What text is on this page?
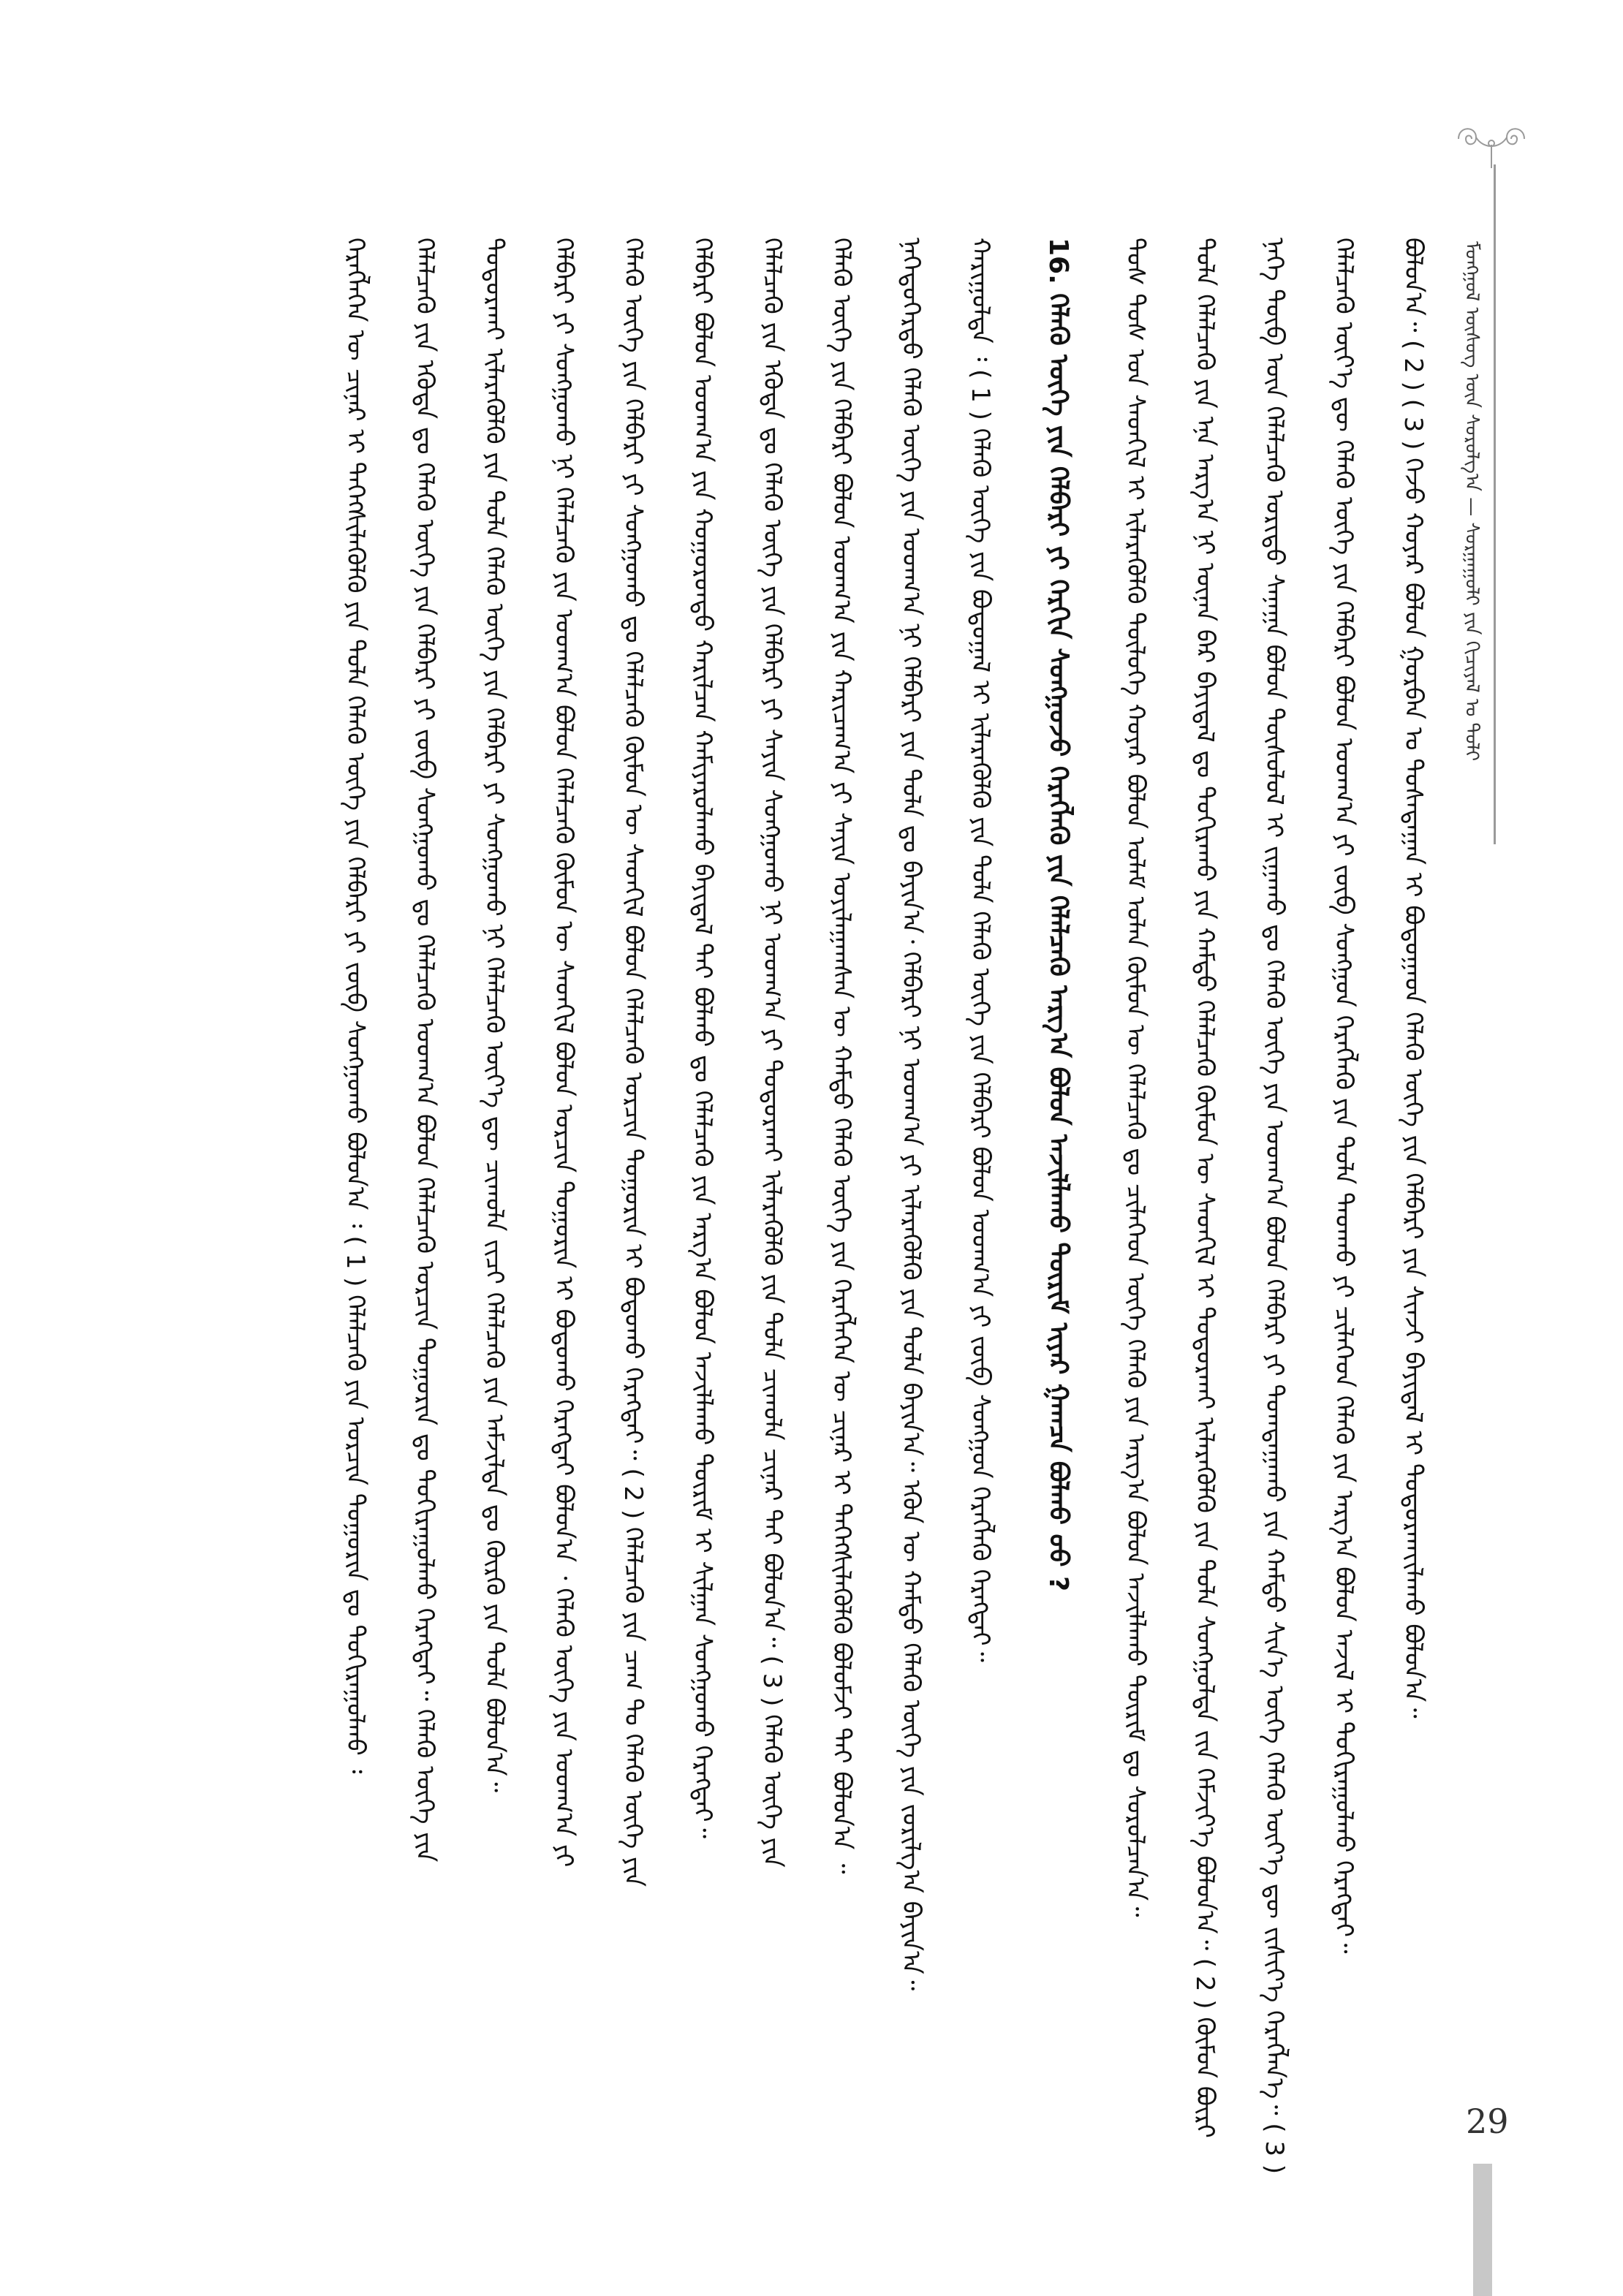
ᠮᠣᠩᠭᠣᠯ ᠦᠰᠦᠭ ᠦᠨ ᠰᠤᠷᠤᠯᠭ᠎ᠠ — ᠰᠤᠷᠭᠠᠭᠤᠯᠢ ᠶᠢᠨ ᠬᠢᠴᠢᠶᠡᠯ ᠤ ᠲᠣᠯᠢ
ᠪᠣᠯᠤᠨ᠎ᠠ᠃ ( 2 ) ( 3 ) ᠭᠡᠵᠦ ᠬᠣᠶᠠᠷ ᠪᠣᠯᠣᠨ ᠭᠤᠷᠪᠠᠨ ᠤ ᠲᠤᠰᠠᠳᠠᠭᠠᠨ ᠢ ᠪᠣᠳᠤᠭᠠᠳ ᠬᠡᠯᠡᠬᠦ ᠦᠭᠡ ᠶᠢᠨ ᠬᠡᠯᠪᠡᠷᠢ ᠶᠢᠨ ᠰᠢᠨᠵᠢ ᠪᠠᠶᠢᠳᠠᠯ ᠢ ᠲᠣᠳᠣᠷᠬᠠᠶ᠋ᠢᠯᠠᠬᠤ ᠪᠣᠯᠤᠨ᠎ᠠ᠃
ᠬᠡᠯᠡᠯᠴᠡᠬᠦ ᠦᠶ᠎ᠡ ᠳᠦ ᠬᠡᠯᠡᠬᠦ ᠦᠭᠡ ᠶᠢᠨ ᠬᠡᠯᠪᠡᠷᠢ ᠪᠣᠯᠣᠨ ᠤᠳᠬ᠎ᠠ ᠶᠢ ᠵᠥᠪ ᠰᠣᠩᠭᠣᠨ ᠬᠡᠷᠡᠭᠯᠡᠬᠦ ᠶᠢᠨ ᠲᠤᠯᠠ ᠳᠠᠳᠬᠤ ᠶᠢ ᠴᠢᠯᠡᠭᠡᠳ ᠬᠡᠯᠡᠬᠦ ᠶᠢᠨ ᠠᠷᠭ᠎ᠠ ᠪᠣᠯᠤᠨ ᠠᠵᠢᠯ ᠢ ᠲᠣᠬᠢᠷᠠᠭᠤᠯᠬᠤ ᠬᠡᠷᠡᠭᠲᠡᠢ᠃
ᠨᠡᠭᠡ ᠲᠦᠪ ᠦᠨ ᠬᠡᠯᠡᠯᠴᠡᠬᠦ ᠤᠷᠢᠳᠤ ᠰᠠᠨᠠᠭᠠ ᠪᠣᠯᠣᠨ ᠲᠥᠰᠦᠯᠦᠯ ᠢ ᠵᠢᠭᠠᠬᠤ ᠳᠤ ᠬᠡᠯᠡᠬᠦ ᠦᠭᠡ ᠶᠢᠨ ᠤᠳᠬ᠎ᠠ ᠪᠣᠯᠤᠨ ᠬᠡᠯᠪᠡᠷᠢ ᠶᠢ ᠲᠣᠭᠲᠠᠭᠠᠬᠤ ᠶᠢᠨ ᠬᠠᠮᠲᠤ ᠰᠢᠨ᠎ᠡ ᠦᠭᠡ ᠬᠡᠯᠡᠬᠦ ᠦᠶ᠎ᠡ ᠳᠦ ᠵᠢᠱᠢᠶ᠎ᠡ ᠬᠡᠷᠡᠭᠯᠡᠨ᠎ᠡ᠃ ( 3 )
ᠲᠤᠯᠠ ᠬᠡᠯᠡᠯᠴᠡᠬᠦ ᠶᠢᠨ ᠡᠨᠡ ᠠᠷᠭ᠎ᠠ ᠨᠢ ᠦᠨᠡᠨ ᠪᠡᠷ ᠪᠠᠶᠢᠳᠠᠯ ᠳᠤ ᠲᠣᠬᠢᠷᠠᠬᠤ ᠶᠢᠨ ᠬᠠᠮᠲᠤ ᠬᠡᠯᠡᠯᠴᠡᠬᠦ ᠬᠦᠮᠦᠨ ᠦ ᠰᠡᠳᠬᠢᠯ ᠢ ᠲᠣᠳᠣᠷᠬᠠᠢ ᠢᠯᠡᠷᠡᠭᠦᠯᠬᠦ ᠶᠢᠨ ᠲᠤᠯᠠ ᠰᠣᠩᠭᠣᠯᠲᠠ ᠵᠢᠨ ᠬᠡᠮᠵᠢᠶ᠎ᠡ ᠪᠣᠯᠤᠨ᠎ᠠ᠃ ( 2 ) ᠬᠦᠮᠦᠨ ᠪᠦᠷᠢ
ᠲᠤᠰ ᠲᠤᠰ ᠤᠨ ᠰᠡᠳᠬᠢᠯ ᠢ ᠢᠯᠡᠷᠡᠭᠦᠯᠬᠦ ᠲᠥᠯᠦᠭᠡ ᠬᠣᠶᠠᠷ ᠪᠣᠯᠣᠨ ᠤᠯᠠᠮ ᠣᠯᠠᠨ ᠬᠦᠮᠦᠨ ᠦ ᠬᠡᠯᠡᠯᠴᠡᠬᠦ ᠳᠤ ᠴᠢᠯᠡᠭᠡᠳ ᠦᠭᠡ ᠬᠡᠯᠡᠬᠦ ᠶᠢᠨ ᠠᠷᠭ᠎ᠠ ᠪᠣᠯᠤᠨ ᠠᠵᠢᠯᠯᠠᠬᠤ ᠳᠦᠷᠢᠮ ᠳᠤ ᠰᠤᠷᠤᠯᠴᠠᠨ᠎ᠠ᠃
16. ᠬᠡᠯᠡᠬᠦ ᠦᠭᠡ ᠶᠢᠨ ᠬᠡᠯᠪᠡᠷᠢ ᠶᠢ ᠬᠡᠷᠬᠢᠨ ᠰᠣᠩᠭᠣᠵᠤ ᠬᠡᠷᠡᠭᠯᠡᠬᠦ ᠶᠢᠨ ᠬᠡᠯᠡᠯᠴᠡᠬᠦ ᠠᠷᠭ᠎ᠠ ᠪᠣᠯᠣᠨ ᠠᠵᠢᠯᠯᠠᠬᠤ ᠳᠦᠷᠢᠮ ᠢᠶᠠᠷ ᠭᠠᠭᠴᠠ ᠪᠣᠯᠬᠤ ᠤᠤ ?
ᠬᠠᠷᠢᠭᠤᠯᠲᠠ ᠄ ( 1 ) ᠬᠡᠯᠡᠬᠦ ᠦᠭᠡ ᠶᠢᠨ ᠪᠣᠳᠤᠭᠠᠯ ᠢ ᠢᠯᠡᠷᠡᠭᠦᠯᠬᠦ ᠶᠢᠨ ᠲᠤᠯᠠ ᠬᠡᠯᠡᠬᠦ ᠦᠭᠡ ᠶᠢᠨ ᠬᠡᠯᠪᠡᠷᠢ ᠪᠣᠯᠣᠨ ᠤᠳᠬ᠎ᠠ ᠶᠢ ᠵᠥᠪ ᠰᠣᠩᠭᠣᠨ ᠬᠡᠷᠡᠭᠯᠡᠬᠦ ᠬᠡᠷᠡᠭᠲᠡᠢ᠃
ᠨᠡᠭᠡᠳᠦᠭᠡᠷᠲᠦ ᠬᠡᠯᠡᠬᠦ ᠦᠭᠡ ᠶᠢᠨ ᠤᠳᠬ᠎ᠠ ᠨᠢ ᠬᠡᠯᠪᠡᠷᠢ ᠶᠢᠨ ᠲᠤᠯᠠ ᠳᠤ ᠪᠠᠶᠢᠨ᠎ᠠ᠂ ᠬᠡᠯᠪᠡᠷᠢ ᠨᠢ ᠤᠳᠬ᠎ᠠ ᠶᠢ ᠢᠯᠡᠷᠡᠭᠦᠯᠬᠦ ᠶᠢᠨ ᠲᠤᠯᠠ ᠪᠠᠶᠢᠨ᠎ᠠ᠃ ᠡᠭᠦᠨ ᠦ ᠬᠠᠮᠲᠤ ᠬᠡᠯᠡᠬᠦ ᠦᠭᠡ ᠶᠢᠨ ᠵᠣᠷᠢᠯᠭ᠎ᠠ ᠪᠠᠶᠢᠨ᠎ᠠ᠃
ᠬᠡᠯᠡᠬᠦ ᠦᠭᠡ ᠶᠢᠨ ᠬᠡᠯᠪᠡᠷᠢ ᠪᠣᠯᠣᠨ ᠤᠳᠬ᠎ᠠ ᠶᠢᠨ ᠬᠠᠷᠢᠴᠠᠭ᠎ᠠ ᠶᠢ ᠰᠠᠶᠢᠨ ᠣᠶᠢᠯᠠᠭᠠᠭᠰᠠᠨ ᠦ ᠬᠠᠮᠲᠤ ᠬᠡᠯᠡᠬᠦ ᠦᠭᠡ ᠶᠢᠨ ᠬᠡᠷᠡᠭᠯᠡᠭᠡᠨ ᠦ ᠴᠢᠨᠠᠷ ᠢ ᠳᠡᠭᠡᠭᠰᠢᠯᠡᠭᠦᠯᠬᠦ ᠪᠣᠯᠣᠮᠵᠢ ᠲᠠᠢ ᠪᠣᠯᠤᠨ᠎ᠠ ᠃
ᠬᠡᠯᠡᠯᠴᠡᠬᠦ ᠶᠢᠨ ᠡᠭᠦᠳᠡ ᠳᠤ ᠬᠡᠯᠡᠬᠦ ᠦᠭᠡ ᠶᠢᠨ ᠬᠡᠯᠪᠡᠷᠢ ᠶᠢ ᠰᠠᠶᠢᠨ ᠰᠣᠩᠭᠣᠬᠤ ᠨᠢ ᠤᠳᠬ᠎ᠠ ᠶᠢ ᠲᠣᠳᠣᠷᠬᠠᠢ ᠢᠯᠡᠷᠡᠭᠦᠯᠬᠦ ᠶᠢᠨ ᠲᠤᠯᠠ ᠴᠢᠬᠤᠯᠠ ᠴᠢᠨᠠᠷ ᠲᠠᠢ ᠪᠣᠯᠤᠨ᠎ᠠ᠃ ( 3 ) ᠬᠡᠯᠡᠬᠦ ᠦᠭᠡ ᠶᠢᠨ
ᠬᠡᠯᠪᠡᠷᠢ ᠪᠣᠯᠣᠨ ᠤᠳᠬ᠎ᠠ ᠶᠢᠨ ᠬᠣᠭᠣᠷᠣᠨᠳᠣ ᠬᠠᠷᠢᠯᠴᠠᠨ ᠬᠠᠮᠢᠶᠠᠷᠤᠯᠠᠬᠤ ᠪᠠᠶᠢᠳᠠᠯ ᠲᠠᠢ ᠪᠣᠯᠬᠤ ᠳᠤ ᠬᠡᠯᠡᠯᠴᠡᠬᠦ ᠶᠢᠨ ᠠᠷᠭ᠎ᠠ ᠪᠣᠯᠣᠨ ᠠᠵᠢᠯᠯᠠᠬᠤ ᠳᠦᠷᠢᠮ ᠢ ᠰᠢᠯᠭᠠᠨ ᠰᠣᠩᠭᠣᠬᠤ ᠬᠡᠷᠡᠭᠲᠡᠢ᠃
ᠬᠡᠯᠡᠬᠦ ᠦᠭᠡ ᠶᠢᠨ ᠬᠡᠯᠪᠡᠷᠢ ᠶᠢ ᠰᠣᠩᠭᠣᠬᠤ ᠳᠤ ᠬᠡᠯᠡᠯᠴᠡᠬᠦ ᠬᠦᠮᠦᠨ ᠦ ᠰᠡᠳᠬᠢᠯ ᠪᠣᠯᠣᠨ ᠬᠡᠯᠡᠯᠴᠡᠬᠦ ᠣᠷᠴᠢᠨ ᠲᠣᠭᠣᠷᠢᠨ ᠢ ᠪᠣᠳᠣᠬᠤ ᠬᠡᠷᠡᠭᠲᠡᠢ᠃ ( 2 ) ᠬᠡᠯᠡᠯᠴᠡᠬᠦ ᠶᠢᠨ ᠴᠠᠭ ᠲᠤ ᠬᠡᠯᠡᠬᠦ ᠦᠭᠡ ᠶᠢᠨ
ᠬᠡᠯᠪᠡᠷᠢ ᠶᠢ ᠰᠣᠩᠭᠣᠬᠤ ᠨᠢ ᠬᠡᠯᠡᠯᠴᠡᠬᠦ ᠶᠢᠨ ᠤᠳᠬ᠎ᠠ ᠪᠣᠯᠣᠨ ᠬᠡᠯᠡᠯᠴᠡᠬᠦ ᠬᠦᠮᠦᠨ ᠦ ᠰᠡᠳᠬᠢᠯ ᠪᠣᠯᠣᠨ ᠣᠷᠴᠢᠨ ᠲᠣᠭᠣᠷᠢᠨ ᠢ ᠪᠣᠳᠣᠬᠤ ᠬᠡᠷᠡᠭᠲᠡᠢ ᠪᠣᠯᠤᠨ᠎ᠠ ᠂ ᠬᠡᠯᠡᠬᠦ ᠦᠭᠡ ᠶᠢᠨ ᠤᠳᠬ᠎ᠠ ᠶᠢ
ᠲᠣᠳᠣᠷᠬᠠᠢ ᠢᠯᠡᠷᠡᠭᠦᠯᠬᠦ ᠶᠢᠨ ᠲᠤᠯᠠ ᠬᠡᠯᠡᠬᠦ ᠦᠭᠡ ᠶᠢᠨ ᠬᠡᠯᠪᠡᠷᠢ ᠶᠢ ᠰᠣᠩᠭᠣᠬᠤ ᠨᠢ ᠬᠡᠯᠡᠯᠴᠡᠬᠦ ᠦᠶ᠎ᠡ ᠳᠦ ᠴᠢᠬᠤᠯᠠ ᠵᠢᠴᠢ ᠬᠡᠯᠡᠯᠴᠡᠬᠦ ᠶᠢᠨ ᠠᠮᠵᠢᠯᠲᠠ ᠳᠤ ᠬᠦᠷᠬᠦ ᠶᠢᠨ ᠲᠤᠯᠠ ᠪᠣᠯᠤᠨ᠎ᠠ᠃
ᠬᠡᠯᠡᠯᠴᠡᠬᠦ ᠶᠢᠨ ᠡᠭᠦᠳᠡ ᠳᠤ ᠬᠡᠯᠡᠬᠦ ᠦᠭᠡ ᠶᠢᠨ ᠬᠡᠯᠪᠡᠷᠢ ᠶᠢ ᠵᠥᠪ ᠰᠣᠩᠭᠣᠬᠤ ᠳᠤ ᠬᠡᠯᠡᠯᠴᠡᠬᠦ ᠤᠳᠬ᠎ᠠ ᠪᠣᠯᠣᠨ ᠬᠡᠯᠡᠯᠴᠡᠬᠦ ᠣᠷᠴᠢᠨ ᠲᠣᠭᠣᠷᠢᠨ ᠳᠤ ᠲᠣᠬᠢᠷᠠᠭᠤᠯᠬᠤ ᠬᠡᠷᠡᠭᠲᠡᠢ᠃ ᠬᠡᠯᠡᠬᠦ ᠦᠭᠡ ᠶᠢᠨ
ᠬᠡᠷᠡᠭᠯᠡᠭᠡᠨ ᠦ ᠴᠢᠨᠠᠷ ᠢ ᠳᠡᠭᠡᠭᠰᠢᠯᠡᠭᠦᠯᠬᠦ ᠶᠢᠨ ᠲᠤᠯᠠ ᠬᠡᠯᠡᠬᠦ ᠦᠭᠡ ᠶᠢᠨ ᠬᠡᠯᠪᠡᠷᠢ ᠶᠢ ᠵᠥᠪ ᠰᠣᠩᠭᠣᠬᠤ ᠪᠣᠯᠤᠨ᠎ᠠ ᠄ ( 1 ) ᠬᠡᠯᠡᠯᠴᠡᠬᠦ ᠶᠢᠨ ᠣᠷᠴᠢᠨ ᠲᠣᠭᠣᠷᠢᠨ ᠳᠤ ᠲᠣᠬᠢᠷᠠᠭᠤᠯᠬᠤ ᠄
29
